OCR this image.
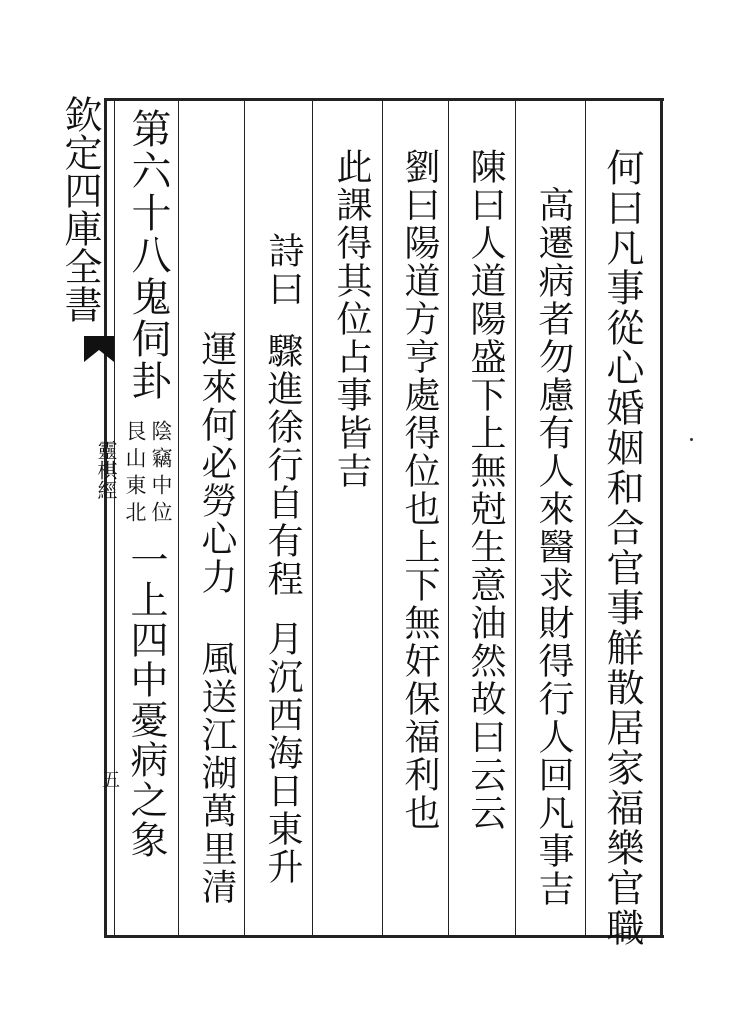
欽定四庫全書
靈棋經
五	何曰凡事從心婚姻和合官事觧散居家福樂官職
高遷病者勿慮有人來醫求財得行人回凡事吉
陳曰人道陽盛下上無尅生意油然故曰云云
劉曰陽道方亨處得位也上下無奸保福利也
此課得其位占事皆吉
詩曰
驟進徐行自有程
月沉西海日東升
運來何必勞心力
風送江湖萬里清
第六十八鬼伺卦
陰竊中位
艮山東北
一上四中憂病之象
